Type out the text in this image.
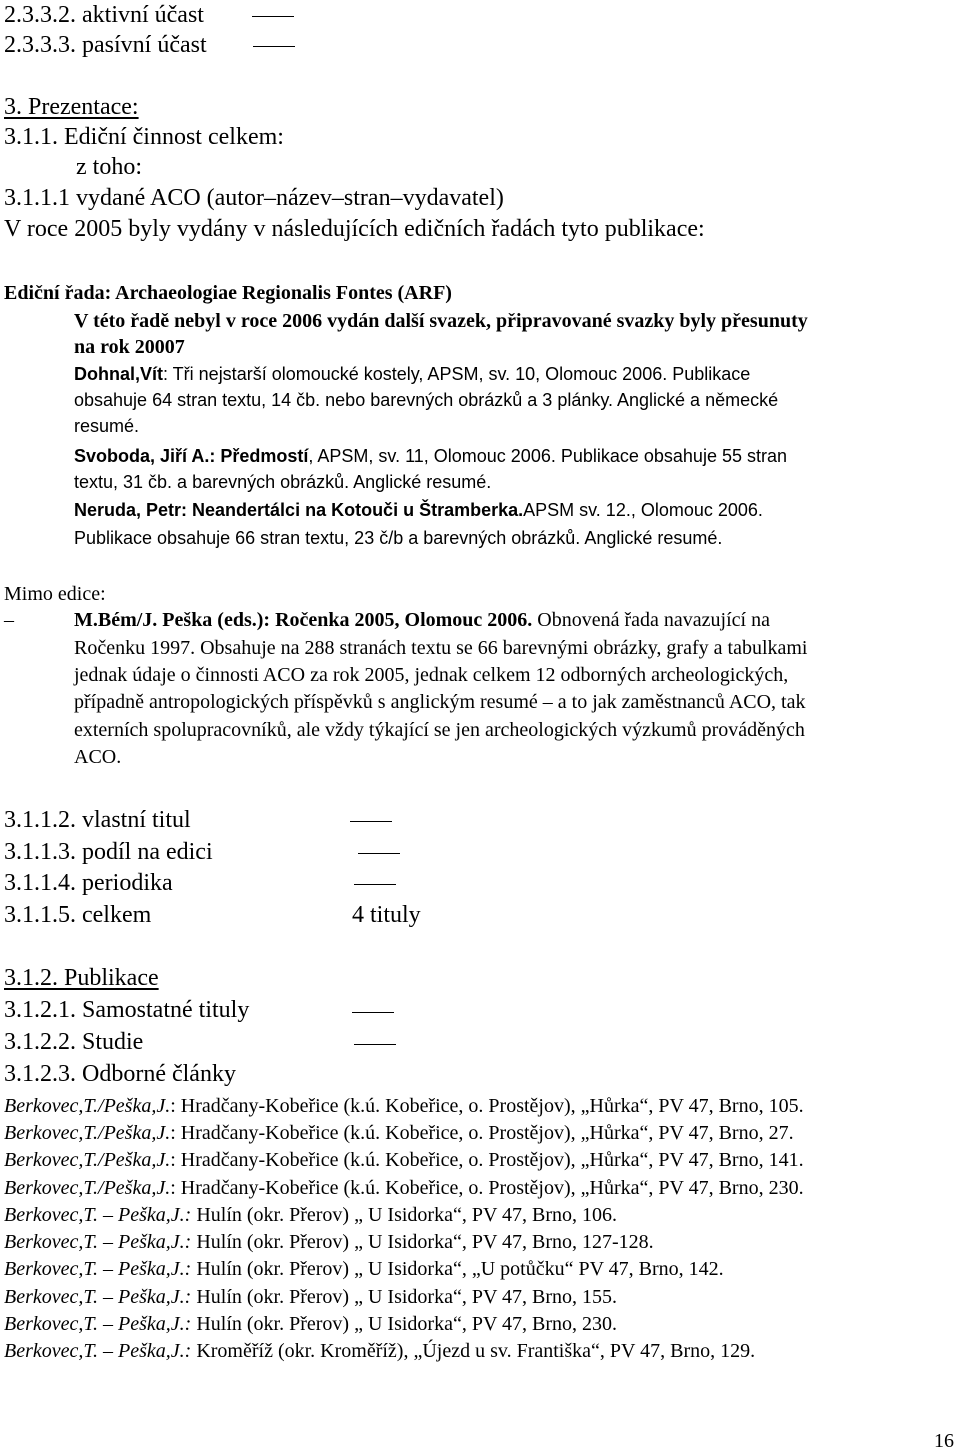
2.3.3.2. aktivní účast
2.3.3.3. pasívní účast
3. Prezentace:
3.1.1. Ediční činnost celkem:
z toho:
3.1.1.1 vydané ACO (autor–název–stran–vydavatel)
V roce 2005 byly vydány v následujících edičních řadách tyto publikace:
Ediční řada: Archaeologiae Regionalis Fontes (ARF)
V této řadě nebyl v roce 2006 vydán další svazek, připravované svazky byly přesunuty
na rok 20007
Dohnal,Vít: Tři nejstarší olomoucké kostely, APSM, sv. 10, Olomouc 2006. Publikace
obsahuje 64 stran textu, 14 čb. nebo barevných obrázků a 3 plánky. Anglické a německé
resumé.
Svoboda, Jiří A.: Předmostí, APSM, sv. 11, Olomouc 2006. Publikace obsahuje 55 stran
textu, 31 čb. a barevných obrázků. Anglické resumé.
Neruda, Petr: Neandertálci na Kotouči u Štramberka.APSM sv. 12., Olomouc 2006.
Publikace obsahuje 66 stran textu, 23 č/b a barevných obrázků. Anglické resumé.
Mimo edice:
–	M.Bém/J. Peška (eds.): Ročenka 2005, Olomouc 2006. Obnovená řada navazující na
Ročenku 1997. Obsahuje na 288 stranách textu se 66 barevnými obrázky, grafy a tabulkami
jednak údaje o činnosti ACO za rok 2005, jednak celkem 12 odborných archeologických,
případně antropologických příspěvků s anglickým resumé – a to jak zaměstnanců ACO, tak
externích spolupracovníků, ale vždy týkající se jen archeologických výzkumů prováděných
ACO.
3.1.1.2. vlastní titul
3.1.1.3. podíl na edici
3.1.1.4. periodika
3.1.1.5. celkem	4 tituly
3.1.2. Publikace
3.1.2.1. Samostatné tituly
3.1.2.2. Studie
3.1.2.3. Odborné články
Berkovec,T./Peška,J.: Hradčany-Kobeřice (k.ú. Kobeřice, o. Prostějov), „Hůrka“, PV 47, Brno, 105.
Berkovec,T./Peška,J.: Hradčany-Kobeřice (k.ú. Kobeřice, o. Prostějov), „Hůrka“, PV 47, Brno, 27.
Berkovec,T./Peška,J.: Hradčany-Kobeřice (k.ú. Kobeřice, o. Prostějov), „Hůrka“, PV 47, Brno, 141.
Berkovec,T./Peška,J.: Hradčany-Kobeřice (k.ú. Kobeřice, o. Prostějov), „Hůrka“, PV 47, Brno, 230.
Berkovec,T. – Peška,J.: Hulín (okr. Přerov) „ U Isidorka“, PV 47, Brno, 106.
Berkovec,T. – Peška,J.: Hulín (okr. Přerov) „ U Isidorka“, PV 47, Brno, 127-128.
Berkovec,T. – Peška,J.: Hulín (okr. Přerov) „ U Isidorka“, „U potůčku“ PV 47, Brno, 142.
Berkovec,T. – Peška,J.: Hulín (okr. Přerov) „ U Isidorka“, PV 47, Brno, 155.
Berkovec,T. – Peška,J.: Hulín (okr. Přerov) „ U Isidorka“, PV 47, Brno, 230.
Berkovec,T. – Peška,J.: Kroměříž (okr. Kroměříž), „Újezd u sv. Františka“, PV 47, Brno, 129.
16
